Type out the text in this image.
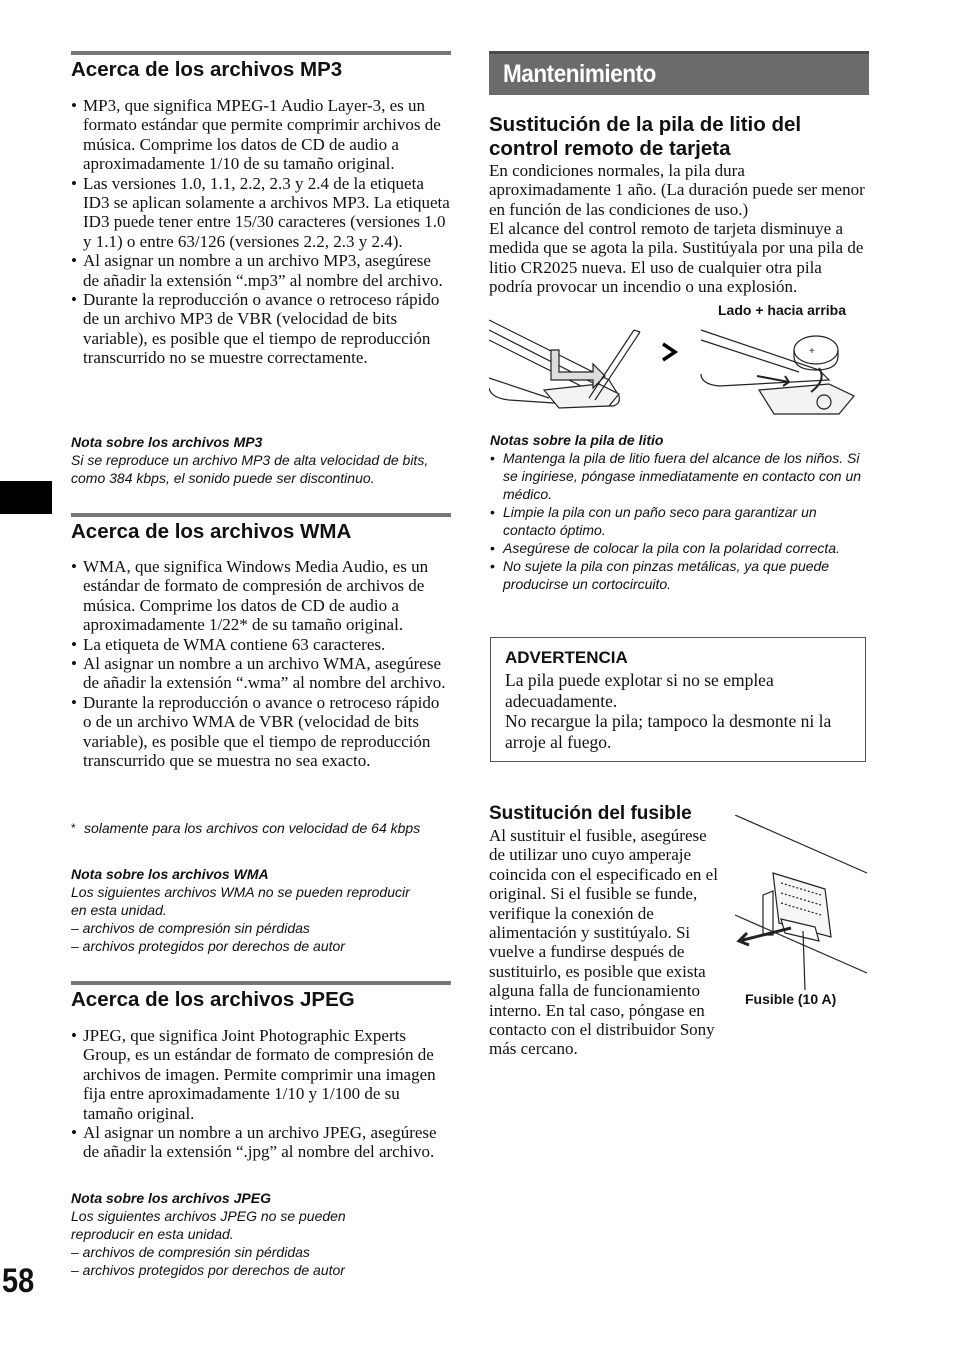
Acerca de los archivos MP3
• MP3, que significa MPEG-1 Audio Layer-3, es un formato estándar que permite comprimir archivos de música. Comprime los datos de CD de audio a aproximadamente 1/10 de su tamaño original.
• Las versiones 1.0, 1.1, 2.2, 2.3 y 2.4 de la etiqueta ID3 se aplican solamente a archivos MP3. La etiqueta ID3 puede tener entre 15/30 caracteres (versiones 1.0 y 1.1) o entre 63/126 (versiones 2.2, 2.3 y 2.4).
• Al asignar un nombre a un archivo MP3, asegúrese de añadir la extensión “.mp3” al nombre del archivo.
• Durante la reproducción o avance o retroceso rápido de un archivo MP3 de VBR (velocidad de bits variable), es posible que el tiempo de reproducción transcurrido no se muestre correctamente.
Nota sobre los archivos MP3
Si se reproduce un archivo MP3 de alta velocidad de bits, como 384 kbps, el sonido puede ser discontinuo.
Acerca de los archivos WMA
• WMA, que significa Windows Media Audio, es un estándar de formato de compresión de archivos de música. Comprime los datos de CD de audio a aproximadamente 1/22* de su tamaño original.
• La etiqueta de WMA contiene 63 caracteres.
• Al asignar un nombre a un archivo WMA, asegúrese de añadir la extensión “.wma” al nombre del archivo.
• Durante la reproducción o avance o retroceso rápido o de un archivo WMA de VBR (velocidad de bits variable), es posible que el tiempo de reproducción transcurrido que se muestra no sea exacto.
* solamente para los archivos con velocidad de 64 kbps
Nota sobre los archivos WMA
Los siguientes archivos WMA no se pueden reproducir en esta unidad.
– archivos de compresión sin pérdidas
– archivos protegidos por derechos de autor
Acerca de los archivos JPEG
• JPEG, que significa Joint Photographic Experts Group, es un estándar de formato de compresión de archivos de imagen. Permite comprimir una imagen fija entre aproximadamente 1/10 y 1/100 de su tamaño original.
• Al asignar un nombre a un archivo JPEG, asegúrese de añadir la extensión “.jpg” al nombre del archivo.
Nota sobre los archivos JPEG
Los siguientes archivos JPEG no se pueden reproducir en esta unidad.
– archivos de compresión sin pérdidas
– archivos protegidos por derechos de autor
58
Mantenimiento
Sustitución de la pila de litio del control remoto de tarjeta
En condiciones normales, la pila dura aproximadamente 1 año. (La duración puede ser menor en función de las condiciones de uso.)
El alcance del control remoto de tarjeta disminuye a medida que se agota la pila. Sustitúyala por una pila de litio CR2025 nueva. El uso de cualquier otra pila podría provocar un incendio o una explosión.
Lado + hacia arriba
+
Notas sobre la pila de litio
• Mantenga la pila de litio fuera del alcance de los niños. Si se ingiriese, póngase inmediatamente en contacto con un médico.
• Limpie la pila con un paño seco para garantizar un contacto óptimo.
• Asegúrese de colocar la pila con la polaridad correcta.
• No sujete la pila con pinzas metálicas, ya que puede producirse un cortocircuito.
ADVERTENCIA
La pila puede explotar si no se emplea adecuadamente.
No recargue la pila; tampoco la desmonte ni la arroje al fuego.
Sustitución del fusible
Al sustituir el fusible, asegúrese de utilizar uno cuyo amperaje coincida con el especificado en el original. Si el fusible se funde, verifique la conexión de alimentación y sustitúyalo. Si vuelve a fundirse después de sustituirlo, es posible que exista alguna falla de funcionamiento interno. En tal caso, póngase en contacto con el distribuidor Sony más cercano.
Fusible (10 A)
